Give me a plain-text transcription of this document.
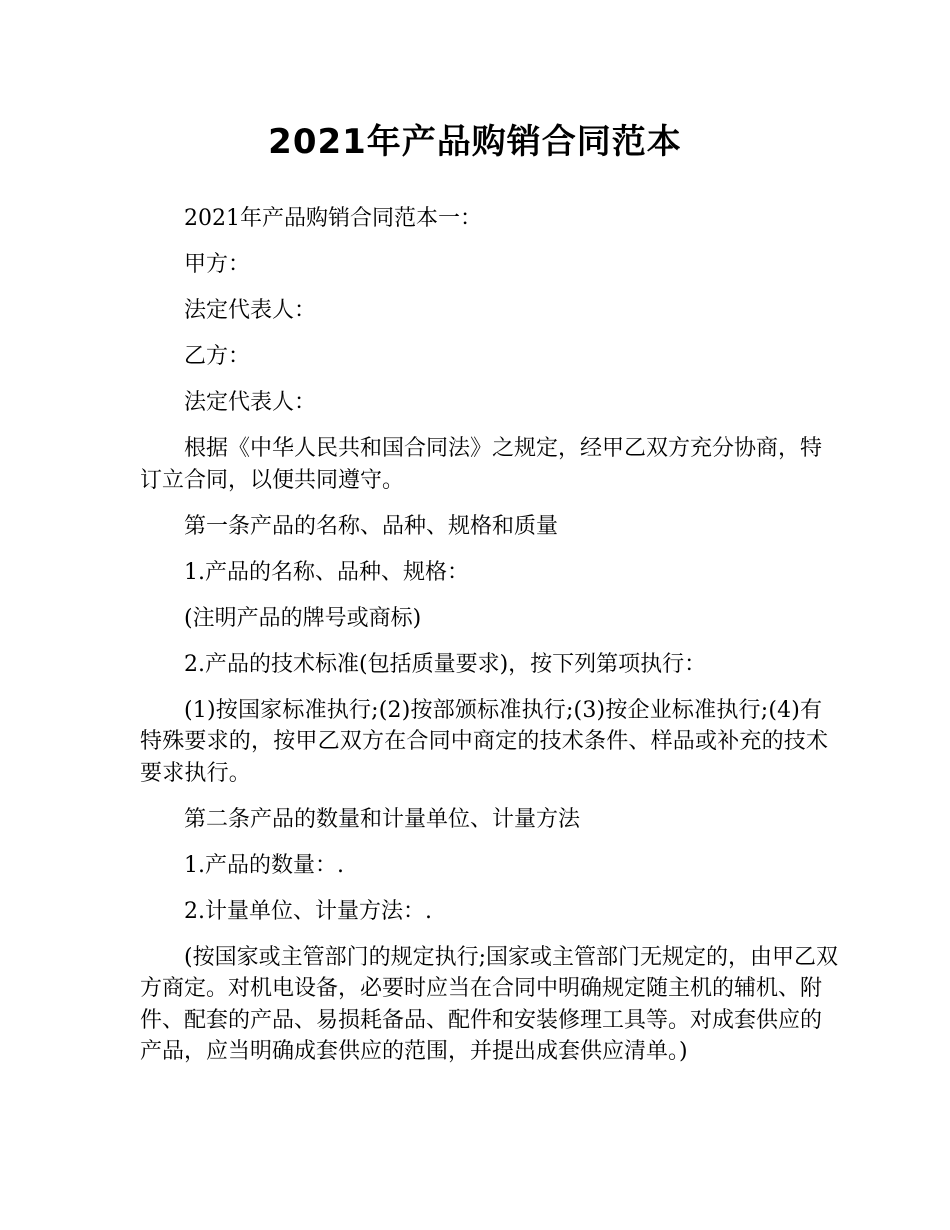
2021年产品购销合同范本

2021年产品购销合同范本一：

甲方：

法定代表人：

乙方：

法定代表人：

根据《中华人民共和国合同法》之规定，经甲乙双方充分协商，特订立合同，以便共同遵守。

第一条产品的名称、品种、规格和质量

1.产品的名称、品种、规格：

(注明产品的牌号或商标)

2.产品的技术标准(包括质量要求)，按下列第项执行：

(1)按国家标准执行;(2)按部颁标准执行;(3)按企业标准执行;(4)有特殊要求的，按甲乙双方在合同中商定的技术条件、样品或补充的技术要求执行。

第二条产品的数量和计量单位、计量方法

1.产品的数量：.

2.计量单位、计量方法：.

(按国家或主管部门的规定执行;国家或主管部门无规定的，由甲乙双方商定。对机电设备，必要时应当在合同中明确规定随主机的辅机、附件、配套的产品、易损耗备品、配件和安装修理工具等。对成套供应的产品，应当明确成套供应的范围，并提出成套供应清单。)
